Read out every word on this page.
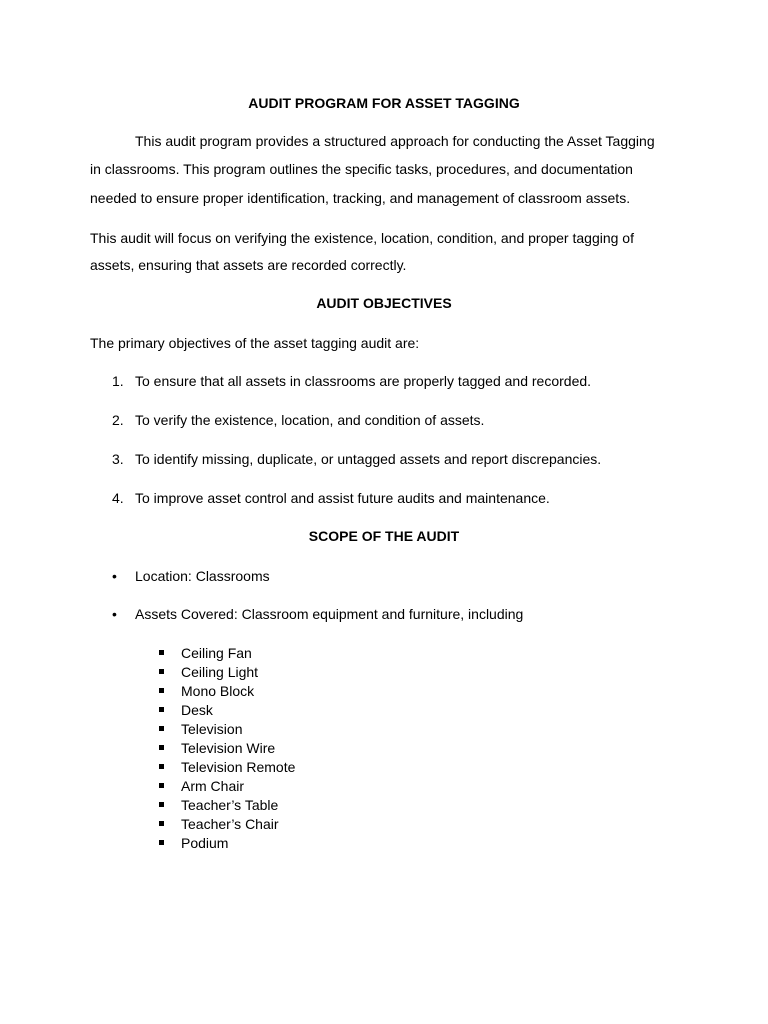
AUDIT PROGRAM FOR ASSET TAGGING
This audit program provides a structured approach for conducting the Asset Tagging
in classrooms. This program outlines the specific tasks, procedures, and documentation
needed to ensure proper identification, tracking, and management of classroom assets.
This audit will focus on verifying the existence, location, condition, and proper tagging of
assets, ensuring that assets are recorded correctly.
AUDIT OBJECTIVES
The primary objectives of the asset tagging audit are:
1. To ensure that all assets in classrooms are properly tagged and recorded.
2. To verify the existence, location, and condition of assets.
3. To identify missing, duplicate, or untagged assets and report discrepancies.
4. To improve asset control and assist future audits and maintenance.
SCOPE OF THE AUDIT
• Location: Classrooms
• Assets Covered: Classroom equipment and furniture, including
Ceiling Fan
Ceiling Light
Mono Block
Desk
Television
Television Wire
Television Remote
Arm Chair
Teacher’s Table
Teacher’s Chair
Podium
